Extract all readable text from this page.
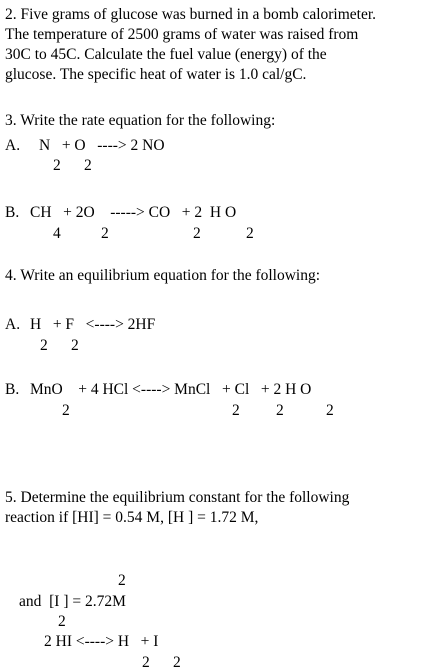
2. Five grams of glucose was burned in a bomb calorimeter.
The temperature of 2500 grams of water was raised from
30C to 45C. Calculate the fuel value (energy) of the
glucose. The specific heat of water is 1.0 cal/gC.
3. Write the rate equation for the following:
A. N   + O   ----> 2 NO
2      2
B. CH   + 2O    -----> CO   + 2  H O
4	2	2	2
4. Write an equilibrium equation for the following:
A. H   + F   <----> 2HF
2      2
B. MnO    + 4 HCl <----> MnCl   + Cl   + 2 H O
2	2 2	2
5. Determine the equilibrium constant for the following
reaction if [HI] = 0.54 M, [H ] = 1.72 M,
2
and  [I ] = 2.72M
2
2 HI <----> H   + I
2      2
